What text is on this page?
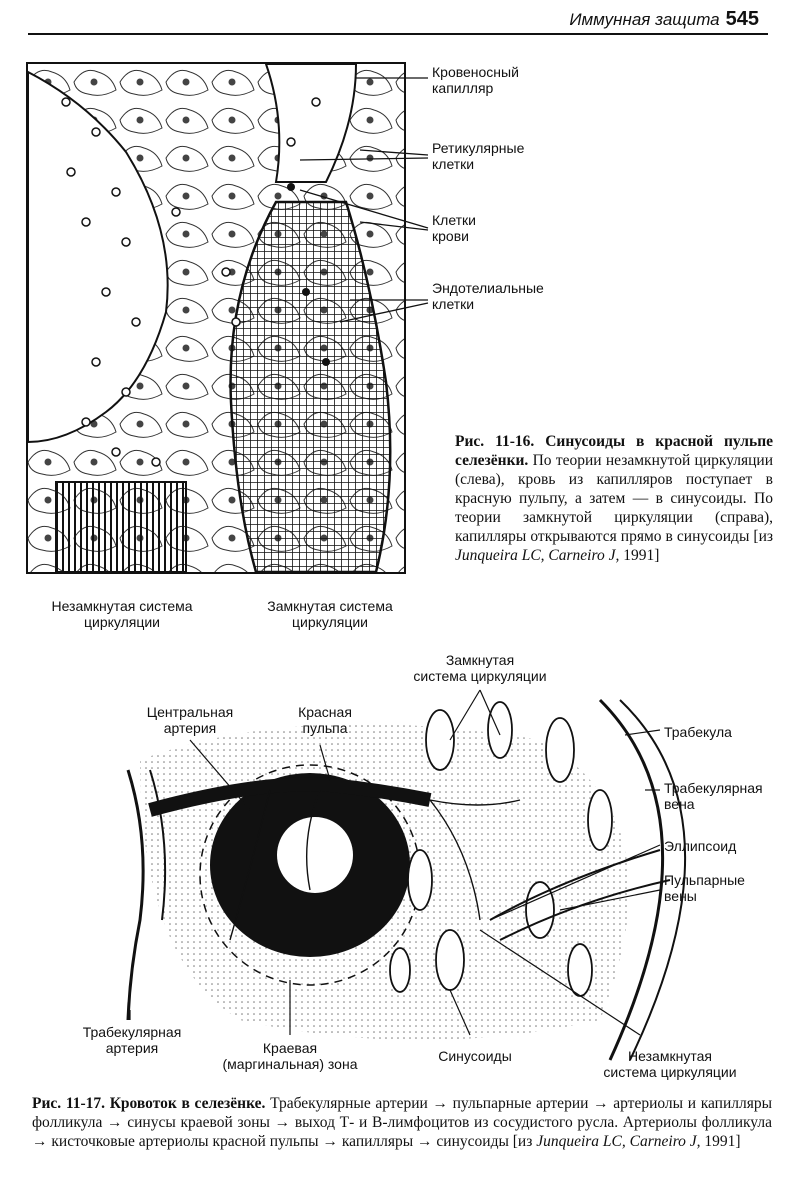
Иммунная защита 545
Кровеносный
капилляр
Ретикулярные
клетки
Клетки
крови
Эндотелиальные
клетки
Незамкнутая система
циркуляции
Замкнутая система
циркуляции
Рис. 11-16. Синусоиды в красной пульпе селезёнки. По теории незамкнутой циркуляции (слева), кровь из капилляров поступает в красную пульпу, а затем — в синусоиды. По теории замкнутой циркуляции (справа), капилляры открываются прямо в синусоиды [из Junqueira LC, Carneiro J, 1991]
Замкнутая
система циркуляции
Центральная
артерия
Красная
пульпа	Трабекула
Трабекулярная
вена
Эллипсоид
Пульпарные
вены
Трабекулярная
артерия	Краевая
(маргинальная) зона	Синусоиды	Незамкнутая
система циркуляции
Рис. 11-17. Кровоток в селезёнке. Трабекулярные артерии → пульпарные артерии → артериолы и капилляры фолликула → синусы краевой зоны → выход Т- и В-лимфоцитов из сосудистого русла. Артериолы фолликула → кисточковые артериолы красной пульпы → капилляры → синусоиды [из Junqueira LC, Carneiro J, 1991]
